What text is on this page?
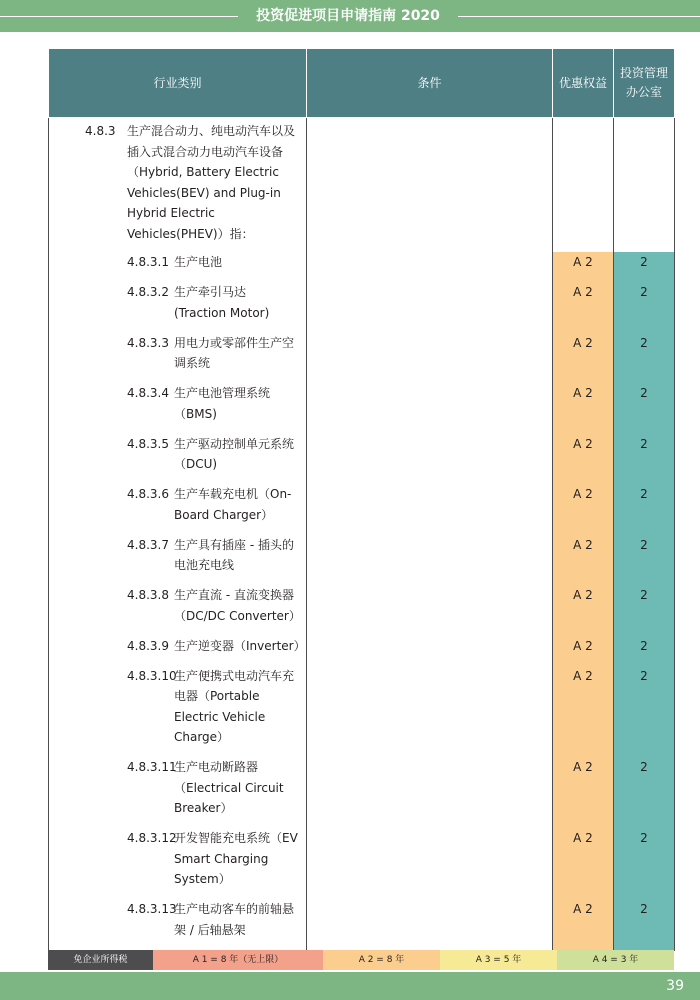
投资促进项目申请指南 2020
行业类别	条件	优惠权益	投资管理办公室

4.8.3 生产混合动力、纯电动汽车以及插入式混合动力电动汽车设备（Hybrid, Battery Electric Vehicles(BEV) and Plug-in Hybrid Electric Vehicles(PHEV)）指：			

4.8.3.1 生产电池		A 2	2

4.8.3.2 生产牵引马达 (Traction Motor)		A 2	2

4.8.3.3 用电力或零部件生产空调系统		A 2	2

4.8.3.4 生产电池管理系统（BMS)		A 2	2

4.8.3.5 生产驱动控制单元系统（DCU)		A 2	2

4.8.3.6 生产车载充电机（On-Board Charger）		A 2	2

4.8.3.7 生产具有插座 - 插头的电池充电线		A 2	2

4.8.3.8 生产直流 - 直流变换器（DC/DC Converter）		A 2	2

4.8.3.9 生产逆变器（Inverter）		A 2	2

4.8.3.10
生产便携式电动汽车充电器（Portable Electric Vehicle Charge）		A 2	2

4.8.3.11
生产电动断路器（Electrical Circuit Breaker）		A 2	2

4.8.3.12
开发智能充电系统（EV Smart Charging System）		A 2	2

4.8.3.13
生产电动客车的前轴悬架 / 后轴悬架		A 2	2
免企业所得税	A 1 = 8 年（无上限）	A 2 = 8 年	A 3 = 5 年	A 4 = 3 年
39
